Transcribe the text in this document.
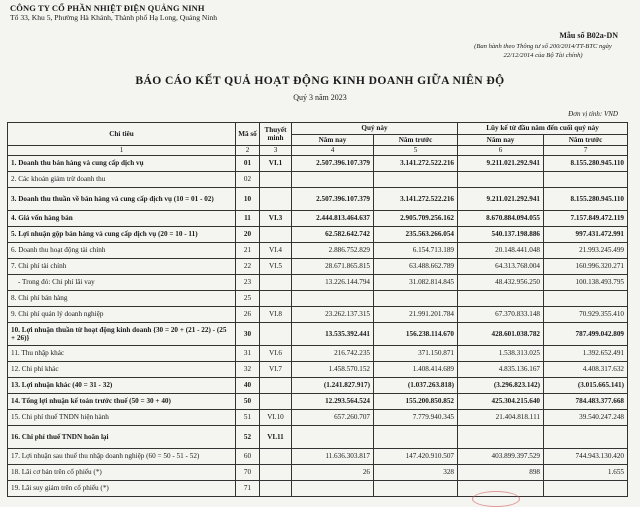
CÔNG TY CỔ PHẦN NHIỆT ĐIỆN QUẢNG NINH
Tổ 33, Khu 5, Phường Hà Khánh, Thành phố Hạ Long, Quảng Ninh
Mẫu số B02a-DN
(Ban hành theo Thông tư số 200/2014/TT-BTC ngày 22/12/2014 của Bộ Tài chính)
BÁO CÁO KẾT QUẢ HOẠT ĐỘNG KINH DOANH GIỮA NIÊN ĐỘ
Quý 3 năm 2023
Đơn vị tính: VND
Chỉ tiêu	Mã số	Thuyết minh	Quý này		Lũy kế từ đầu năm đến cuối quý này	
			Năm nay	Năm trước	Năm nay	Năm trước
1	2	3	4	5	6	7
1. Doanh thu bán hàng và cung cấp dịch vụ	01	VI.1	2.507.396.107.379	3.141.272.522.216	9.211.021.292.941	8.155.280.945.110
2. Các khoản giảm trừ doanh thu	02					
3. Doanh thu thuần về bán hàng và cung cấp dịch vụ (10 = 01 - 02)	10		2.507.396.107.379	3.141.272.522.216	9.211.021.292.941	8.155.280.945.110
4. Giá vốn hàng bán	11	VI.3	2.444.813.464.637	2.905.709.256.162	8.670.884.094.055	7.157.849.472.119
5. Lợi nhuận gộp bán hàng và cung cấp dịch vụ (20 = 10 - 11)	20		62.582.642.742	235.563.266.054	540.137.198.886	997.431.472.991
6. Doanh thu hoạt động tài chính	21	VI.4	2.886.752.829	6.154.713.189	20.148.441.048	21.993.245.499
7. Chi phí tài chính	22	VI.5	28.671.865.815	63.488.662.789	64.313.768.004	160.996.320.271
- Trong đó: Chi phí lãi vay	23		13.226.144.794	31.082.814.845	48.432.956.250	100.138.493.795
8. Chi phí bán hàng	25					
9. Chi phí quản lý doanh nghiệp	26	VI.8	23.262.137.315	21.991.201.784	67.370.833.148	70.929.355.410
10. Lợi nhuận thuần từ hoạt động kinh doanh {30 = 20 + (21 - 22) - (25 + 26)}	30		13.535.392.441	156.238.114.670	428.601.038.782	787.499.042.809
11. Thu nhập khác	31	VI.6	216.742.235	371.150.871	1.538.313.025	1.392.652.491
12. Chi phí khác	32	VI.7	1.458.570.152	1.408.414.689	4.835.136.167	4.408.317.632
13. Lợi nhuận khác (40 = 31 - 32)	40		(1.241.827.917)	(1.037.263.818)	(3.296.823.142)	(3.015.665.141)
14. Tổng lợi nhuận kế toán trước thuế (50 = 30 + 40)	50		12.293.564.524	155.200.850.852	425.304.215.640	784.483.377.668
15. Chi phí thuế TNDN hiện hành	51	VI.10	657.260.707	7.779.940.345	21.404.818.111	39.540.247.248
16. Chi phí thuế TNDN hoãn lại	52	VI.11				
17. Lợi nhuận sau thuế thu nhập doanh nghiệp (60 = 50 - 51 - 52)	60		11.636.303.817	147.420.910.507	403.899.397.529	744.943.130.420
18. Lãi cơ bản trên cổ phiếu (*)	70		26	328	898	1.655
19. Lãi suy giảm trên cổ phiếu (*)	71					
